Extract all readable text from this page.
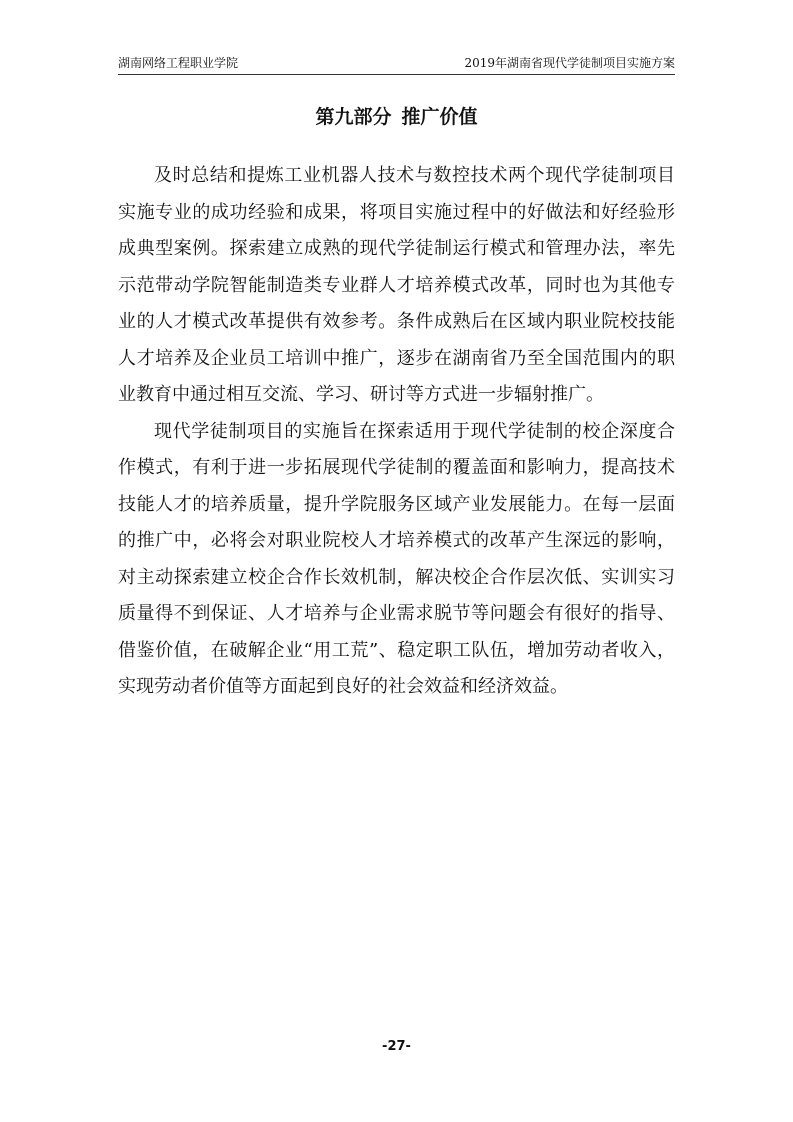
湖南网络工程职业学院	2019年湖南省现代学徒制项目实施方案
第九部分 推广价值

及时总结和提炼工业机器人技术与数控技术两个现代学徒制项目实施专业的成功经验和成果，将项目实施过程中的好做法和好经验形成典型案例。探索建立成熟的现代学徒制运行模式和管理办法，率先示范带动学院智能制造类专业群人才培养模式改革，同时也为其他专业的人才模式改革提供有效参考。条件成熟后在区域内职业院校技能人才培养及企业员工培训中推广，逐步在湖南省乃至全国范围内的职业教育中通过相互交流、学习、研讨等方式进一步辐射推广。

现代学徒制项目的实施旨在探索适用于现代学徒制的校企深度合作模式，有利于进一步拓展现代学徒制的覆盖面和影响力，提高技术技能人才的培养质量，提升学院服务区域产业发展能力。在每一层面的推广中，必将会对职业院校人才培养模式的改革产生深远的影响，对主动探索建立校企合作长效机制，解决校企合作层次低、实训实习质量得不到保证、人才培养与企业需求脱节等问题会有很好的指导、借鉴价值，在破解企业“用工荒”、稳定职工队伍，增加劳动者收入，实现劳动者价值等方面起到良好的社会效益和经济效益。

-27-
